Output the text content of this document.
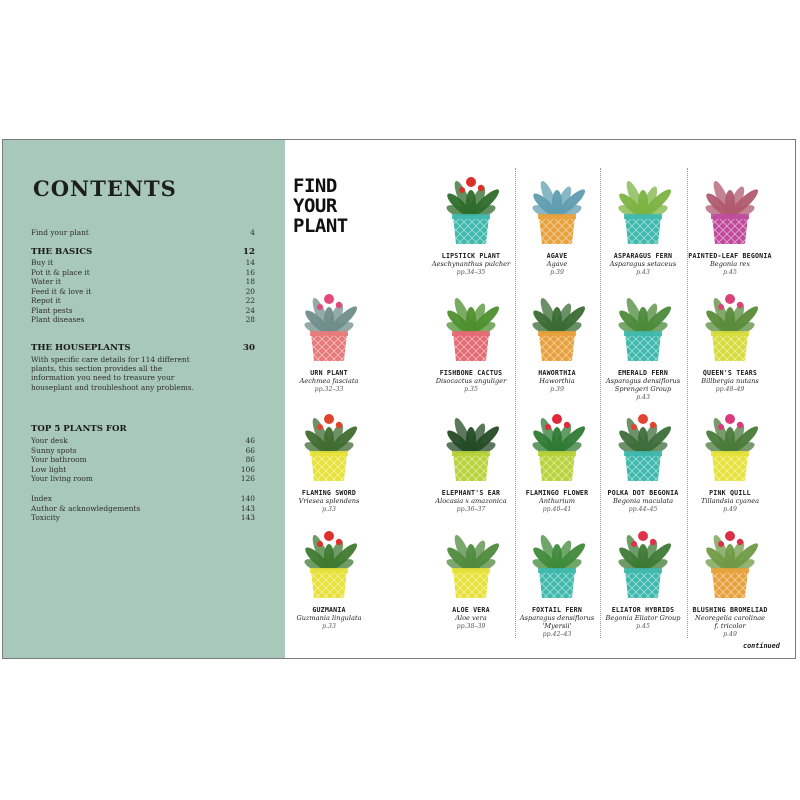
CONTENTS
Find your plant	4
THE BASICS	12
Buy it	14
Pot it & place it	16
Water it	18
Feed it & love it	20
Repot it	22
Plant pests	24
Plant diseases	28
THE HOUSEPLANTS	30
With specific care details for 114 different plants, this section provides all the information you need to treasure your houseplant and troubleshoot any problems.
TOP 5 PLANTS FOR
Your desk	46
Sunny spots	66
Your bathroom	86
Low light	106
Your living room	126
Index	140
Author & acknowledgements	143
Toxicity	143
FIND
YOUR
PLANT
LIPSTICK PLANT
Aeschynanthus pulcher
pp.34–35
AGAVE
Agave
p.39
ASPARAGUS FERN
Asparagus setaceus
p.43
PAINTED-LEAF BEGONIA
Begonia rex
p.45
URN PLANT
Aechmea fasciata
pp.32–33
FISHBONE CACTUS
Disocactus anguliger
p.35
HAWORTHIA
Haworthia
p.39
EMERALD FERN
Asparagus densiflorus
Sprengeri Group
p.43
QUEEN'S TEARS
Billbergia nutans
pp.48–49
FLAMING SWORD
Vriesea splendens
p.33
ELEPHANT'S EAR
Alocasia x amazonica
pp.36–37
FLAMINGO FLOWER
Anthurium
pp.40–41
POLKA DOT BEGONIA
Begonia maculata
pp.44–45
PINK QUILL
Tillandsia cyanea
p.49
GUZMANIA
Guzmania lingulata
p.33
ALOE VERA
Aloe vera
pp.38–39
FOXTAIL FERN
Asparagus densiflorus
'Myersii'
pp.42–43
ELIATOR HYBRIDS
Begonia Eliator Group
p.45
BLUSHING BROMELIAD
Neoregelia carolinae
f. tricolor
p.49
continued
